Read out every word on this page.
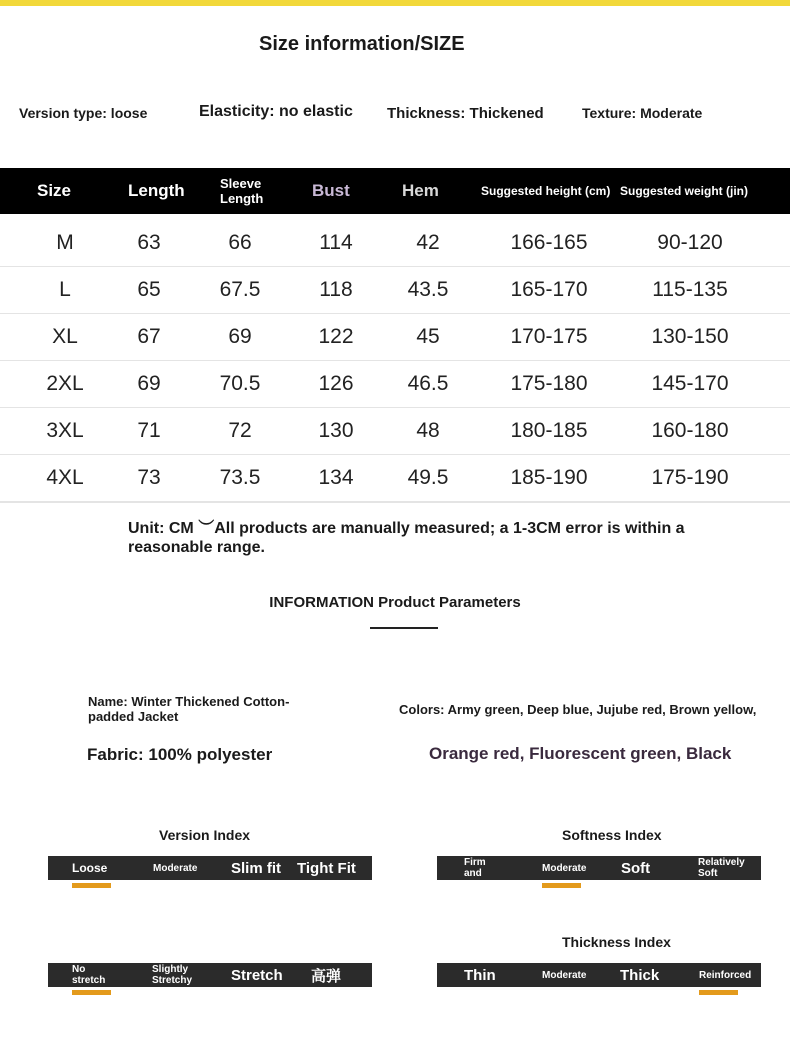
Size information/SIZE
Version type: loose	Elasticity: no elastic Thickness: Thickened	Texture: Moderate
Size	Length	Sleeve Length	Bust	Hem	Suggested height (cm) Suggested weight (jin)
M	63	66	114	42	166-165	90-120
L	65	67.5	118	43.5	165-170	115-135
XL	67	69	122	45	170-175	130-150
2XL	69	70.5	126	46.5	175-180	145-170
3XL	71	72	130	48	180-185	160-180
4XL	73	73.5	134	49.5	185-190	175-190
Unit: CM ︶All products are manually measured; a 1-3CM error is within a reasonable range.
INFORMATION Product Parameters
Name: Winter Thickened Cotton-padded Jacket	Colors: Army green, Deep blue, Jujube red, Brown yellow,
Fabric: 100% polyester	Orange red, Fluorescent green, Black
Version Index
Loose	Moderate Slim fit Tight Fit
Softness Index
Firm and	Moderate Soft	Relatively Soft
Thickness Index
No stretch
Slightly Stretchy	Stretch 高弹	Thin	Moderate Thick	Reinforced
